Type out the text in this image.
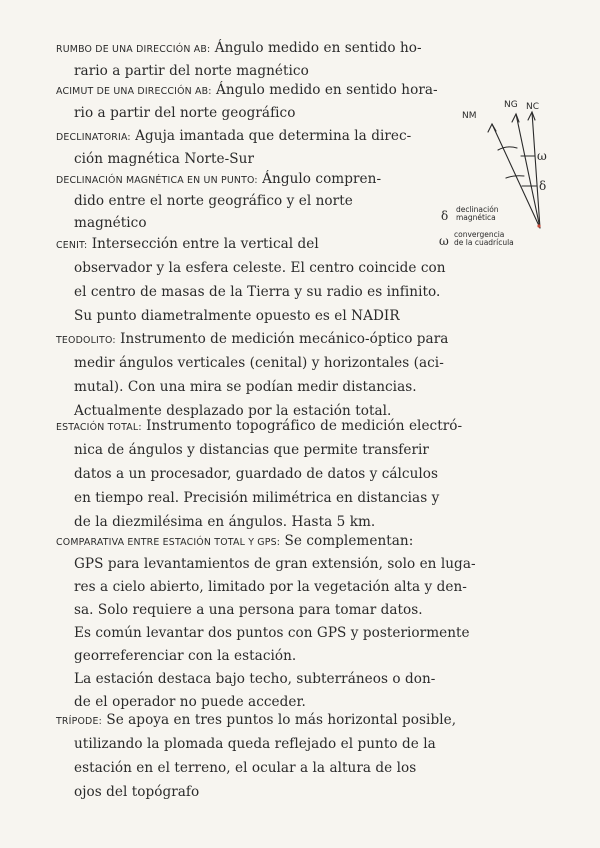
RUMBO DE UNA DIRECCIÓN AB: Ángulo medido en sentido ho-
rario a partir del norte magnético
ACIMUT DE UNA DIRECCIÓN AB: Ángulo medido en sentido hora-
rio a partir del norte geográfico
DECLINATORIA: Aguja imantada que determina la direc-
ción magnética Norte-Sur
DECLINACIÓN MAGNÉTICA EN UN PUNTO: Ángulo compren-
dido entre el norte geográfico y el norte
magnético
CENIT: Intersección entre la vertical del
observador y la esfera celeste. El centro coincide con
el centro de masas de la Tierra y su radio es infinito.
Su punto diametralmente opuesto es el NADIR
TEODOLITO: Instrumento de medición mecánico-óptico para
medir ángulos verticales (cenital) y horizontales (aci-
mutal). Con una mira se podían medir distancias.
Actualmente desplazado por la estación total.
ESTACIÓN TOTAL: Instrumento topográfico de medición electró-
nica de ángulos y distancias que permite transferir
datos a un procesador, guardado de datos y cálculos
en tiempo real. Precisión milimétrica en distancias y
de la diezmilésima en ángulos. Hasta 5 km.
COMPARATIVA ENTRE ESTACIÓN TOTAL Y GPS: Se complementan:
GPS para levantamientos de gran extensión, solo en luga-
res a cielo abierto, limitado por la vegetación alta y den-
sa. Solo requiere a una persona para tomar datos.
Es común levantar dos puntos con GPS y posteriormente
georreferenciar con la estación.
La estación destaca bajo techo, subterráneos o don-
de el operador no puede acceder.
TRÍPODE: Se apoya en tres puntos lo más horizontal posible,
utilizando la plomada queda reflejado el punto de la
estación en el terreno, el ocular a la altura de los
ojos del topógrafo
NM
NG NC
ω
δ
δ declinación
magnética
ω convergencia
de la cuadrícula
